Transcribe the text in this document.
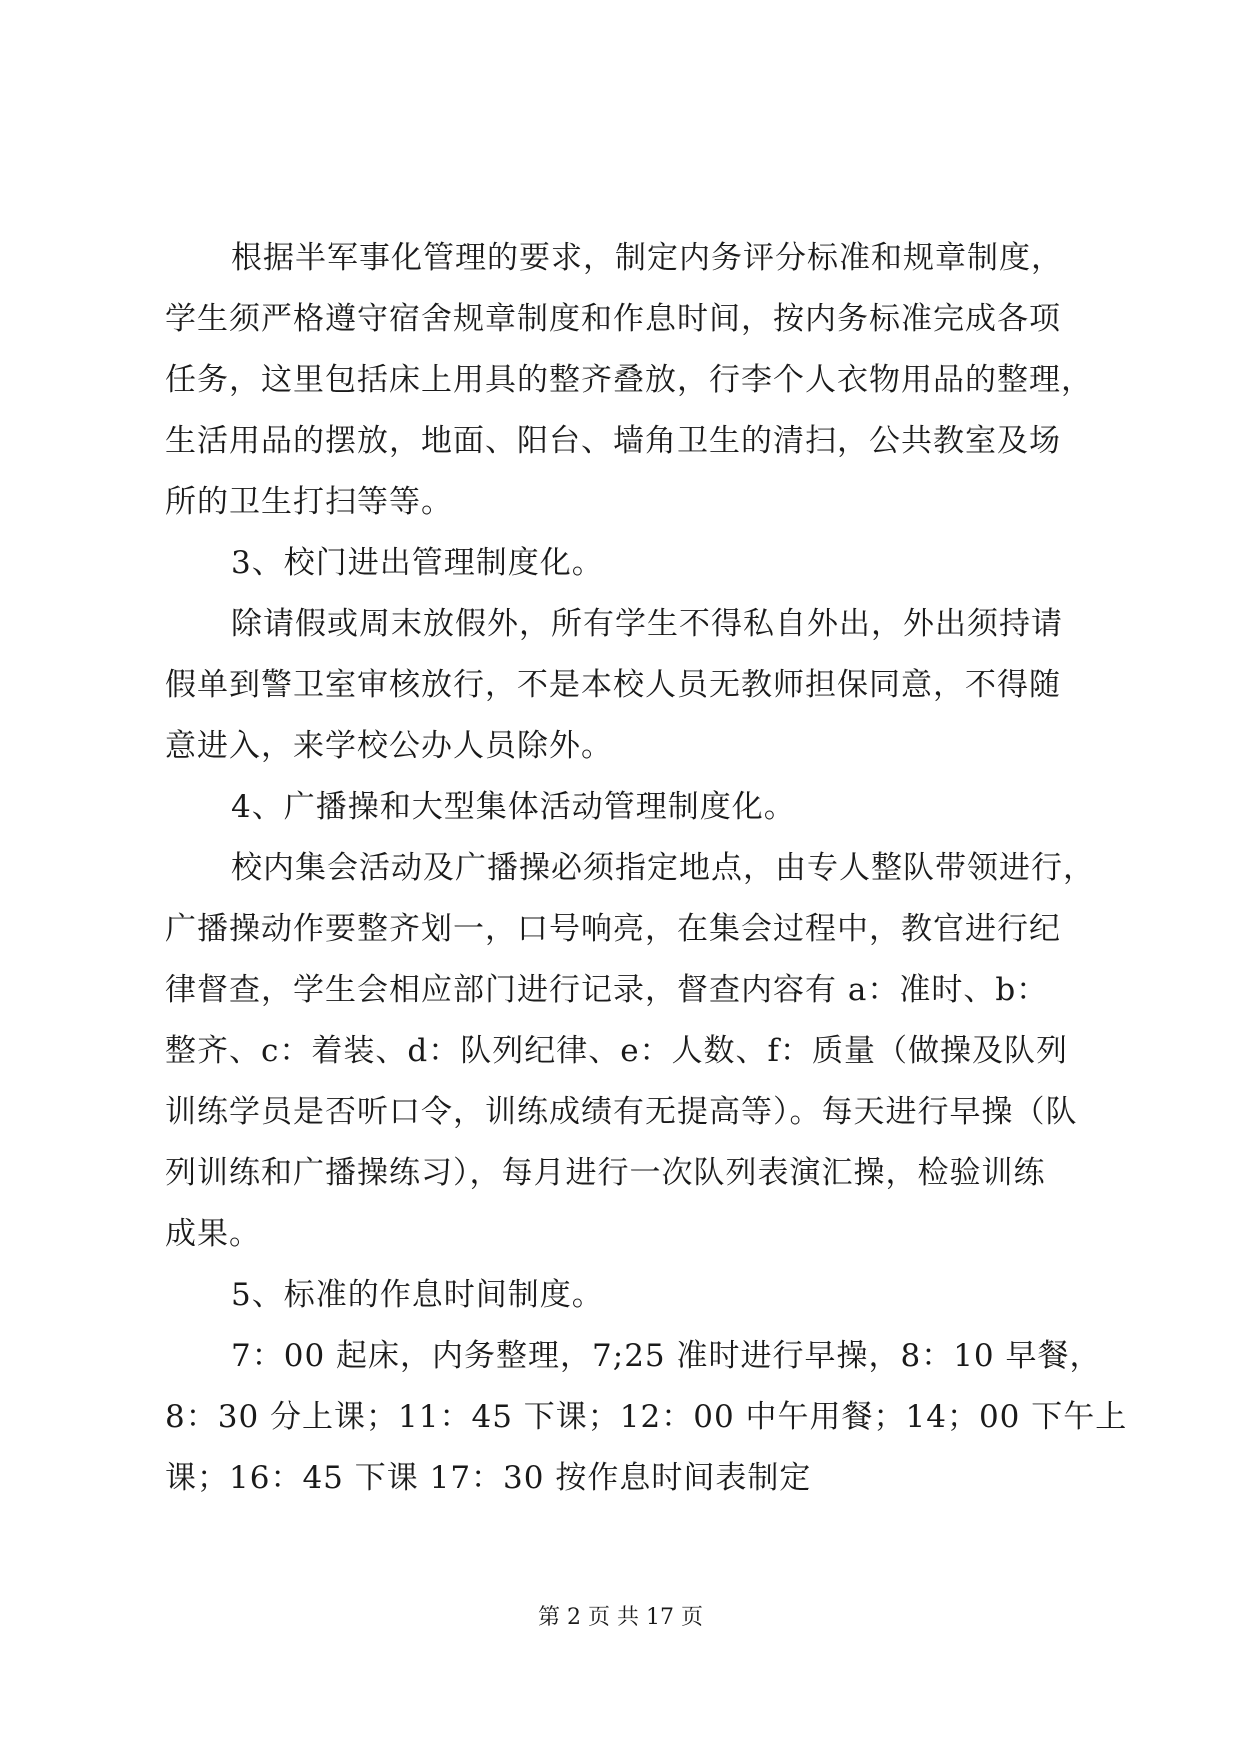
根据半军事化管理的要求，制定内务评分标准和规章制度，
学生须严格遵守宿舍规章制度和作息时间，按内务标准完成各项
任务，这里包括床上用具的整齐叠放，行李个人衣物用品的整理，
生活用品的摆放，地面、阳台、墙角卫生的清扫，公共教室及场
所的卫生打扫等等。
3、校门进出管理制度化。
除请假或周末放假外，所有学生不得私自外出，外出须持请
假单到警卫室审核放行，不是本校人员无教师担保同意，不得随
意进入，来学校公办人员除外。
4、广播操和大型集体活动管理制度化。
校内集会活动及广播操必须指定地点，由专人整队带领进行，
广播操动作要整齐划一，口号响亮，在集会过程中，教官进行纪
律督查，学生会相应部门进行记录，督查内容有 a：准时、b：
整齐、c：着装、d：队列纪律、e：人数、f：质量（做操及队列
训练学员是否听口令，训练成绩有无提高等）。每天进行早操（队
列训练和广播操练习），每月进行一次队列表演汇操，检验训练
成果。
5、标准的作息时间制度。
7：00 起床，内务整理，7;25 准时进行早操，8：10 早餐，
8：30 分上课；11：45 下课；12：00 中午用餐；14；00 下午上
课；16：45 下课 17：30 按作息时间表制定
第 2 页 共 17 页
